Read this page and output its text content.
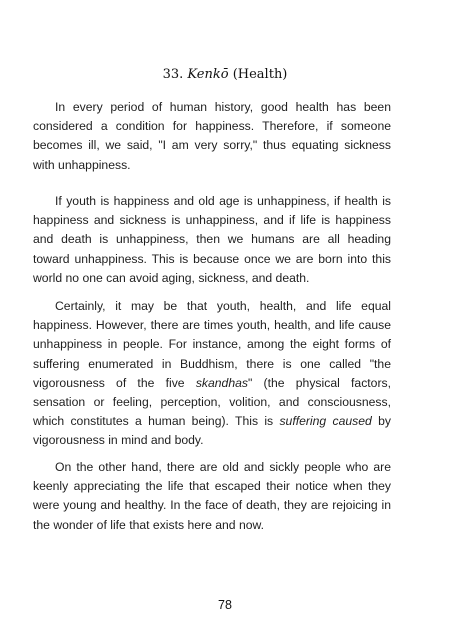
33. Kenkō (Health)

In every period of human history, good health has been considered a condition for happiness. Therefore, if someone becomes ill, we said, "I am very sorry," thus equating sickness with unhappiness.

If youth is happiness and old age is unhappiness, if health is happiness and sickness is unhappiness, and if life is happiness and death is unhappiness, then we humans are all heading toward unhappiness. This is because once we are born into this world no one can avoid aging, sickness, and death.

Certainly, it may be that youth, health, and life equal happiness. However, there are times youth, health, and life cause unhappiness in people. For instance, among the eight forms of suffering enumerated in Buddhism, there is one called "the vigorousness of the five skandhas" (the physical factors, sensation or feeling, perception, volition, and consciousness, which constitutes a human being). This is suffering caused by vigorousness in mind and body.

On the other hand, there are old and sickly people who are keenly appreciating the life that escaped their notice when they were young and healthy. In the face of death, they are rejoicing in the wonder of life that exists here and now.

78
